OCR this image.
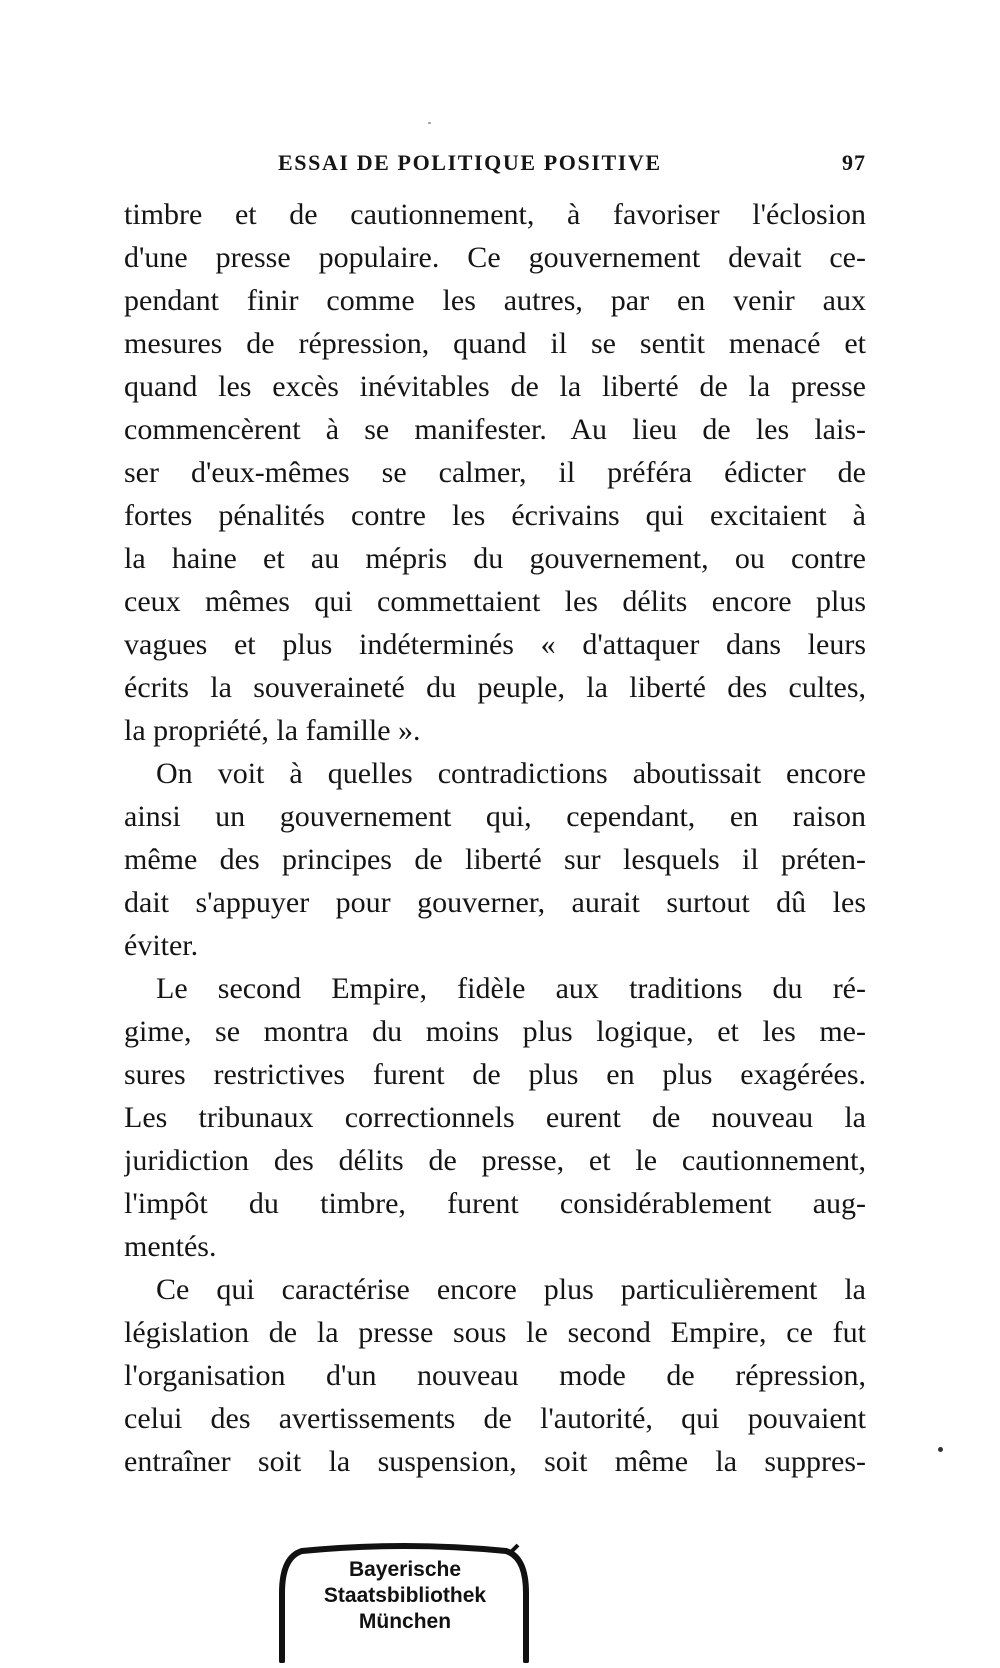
ESSAI DE POLITIQUE POSITIVE	97
timbre et de cautionnement, à favoriser l'éclosion
d'une presse populaire. Ce gouvernement devait ce-
pendant finir comme les autres, par en venir aux
mesures de répression, quand il se sentit menacé et
quand les excès inévitables de la liberté de la presse
commencèrent à se manifester. Au lieu de les lais-
ser d'eux-mêmes se calmer, il préféra édicter de
fortes pénalités contre les écrivains qui excitaient à
la haine et au mépris du gouvernement, ou contre
ceux mêmes qui commettaient les délits encore plus
vagues et plus indéterminés « d'attaquer dans leurs
écrits la souveraineté du peuple, la liberté des cultes,
la propriété, la famille ».
On voit à quelles contradictions aboutissait encore
ainsi un gouvernement qui, cependant, en raison
même des principes de liberté sur lesquels il préten-
dait s'appuyer pour gouverner, aurait surtout dû les
éviter.
Le second Empire, fidèle aux traditions du ré-
gime, se montra du moins plus logique, et les me-
sures restrictives furent de plus en plus exagérées.
Les tribunaux correctionnels eurent de nouveau la
juridiction des délits de presse, et le cautionnement,
l'impôt du timbre, furent considérablement aug-
mentés.
Ce qui caractérise encore plus particulièrement la
législation de la presse sous le second Empire, ce fut
l'organisation d'un nouveau mode de répression,
celui des avertissements de l'autorité, qui pouvaient
entraîner soit la suspension, soit même la suppres-
Bayerische
Staatsbibliothek
München
